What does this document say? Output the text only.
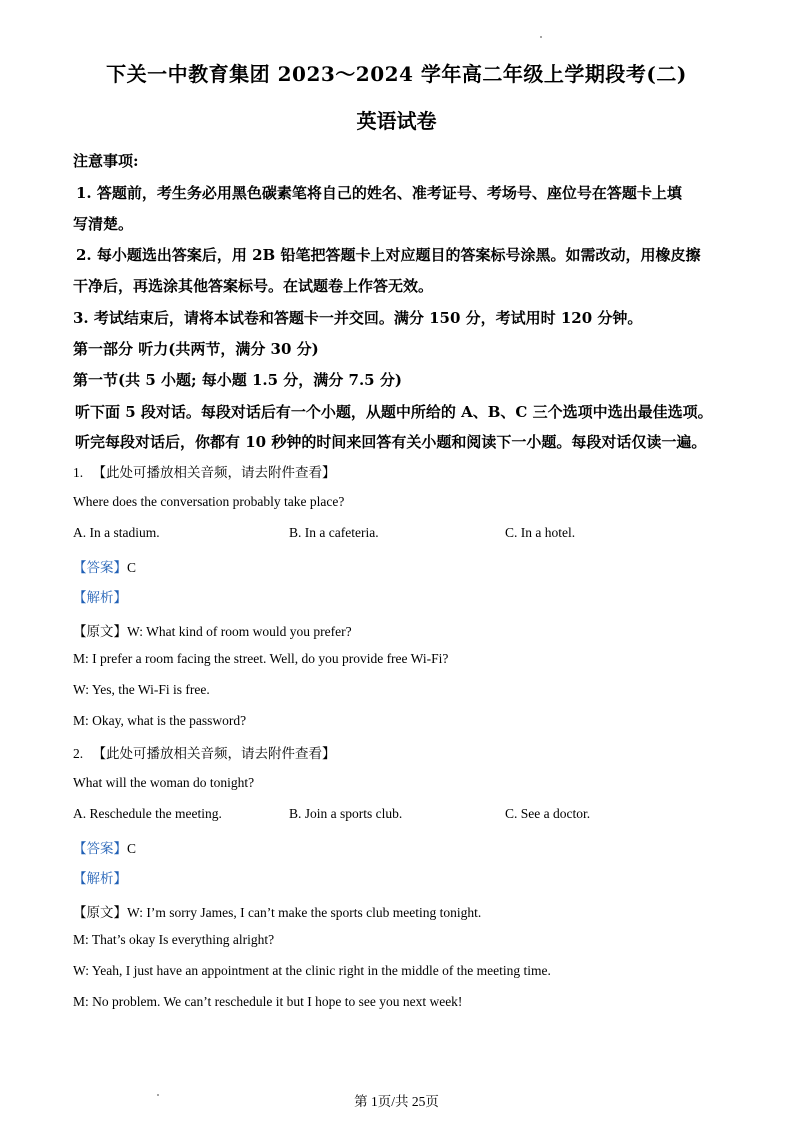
下关一中教育集团 2023～2024 学年高二年级上学期段考(二)
英语试卷
注意事项:
1. 答题前，考生务必用黑色碳素笔将自己的姓名、准考证号、考场号、座位号在答题卡上填
写清楚。
2. 每小题选出答案后，用 2B 铅笔把答题卡上对应题目的答案标号涂黑。如需改动，用橡皮擦
干净后，再选涂其他答案标号。在试题卷上作答无效。
3. 考试结束后，请将本试卷和答题卡一并交回。满分 150 分，考试用时 120 分钟。
第一部分 听力(共两节，满分 30 分)
第一节(共 5 小题; 每小题 1.5 分，满分 7.5 分)
听下面 5 段对话。每段对话后有一个小题，从题中所给的 A、B、C 三个选项中选出最佳选项。
听完每段对话后，你都有 10 秒钟的时间来回答有关小题和阅读下一小题。每段对话仅读一遍。
1. 【此处可播放相关音频，请去附件查看】
Where does the conversation probably take place?
A. In a stadium.	B. In a cafeteria.	C. In a hotel.
【答案】C
【解析】
【原文】W: What kind of room would you prefer?
M: I prefer a room facing the street. Well, do you provide free Wi-Fi?
W: Yes, the Wi-Fi is free.
M: Okay, what is the password?
2. 【此处可播放相关音频，请去附件查看】
What will the woman do tonight?
A. Reschedule the meeting.	B. Join a sports club.	C. See a doctor.
【答案】C
【解析】
【原文】W: I’m sorry James, I can’t make the sports club meeting tonight.
M: That’s okay Is everything alright?
W: Yeah, I just have an appointment at the clinic right in the middle of the meeting time.
M: No problem. We can’t reschedule it but I hope to see you next week!
第 1页/共 25页
